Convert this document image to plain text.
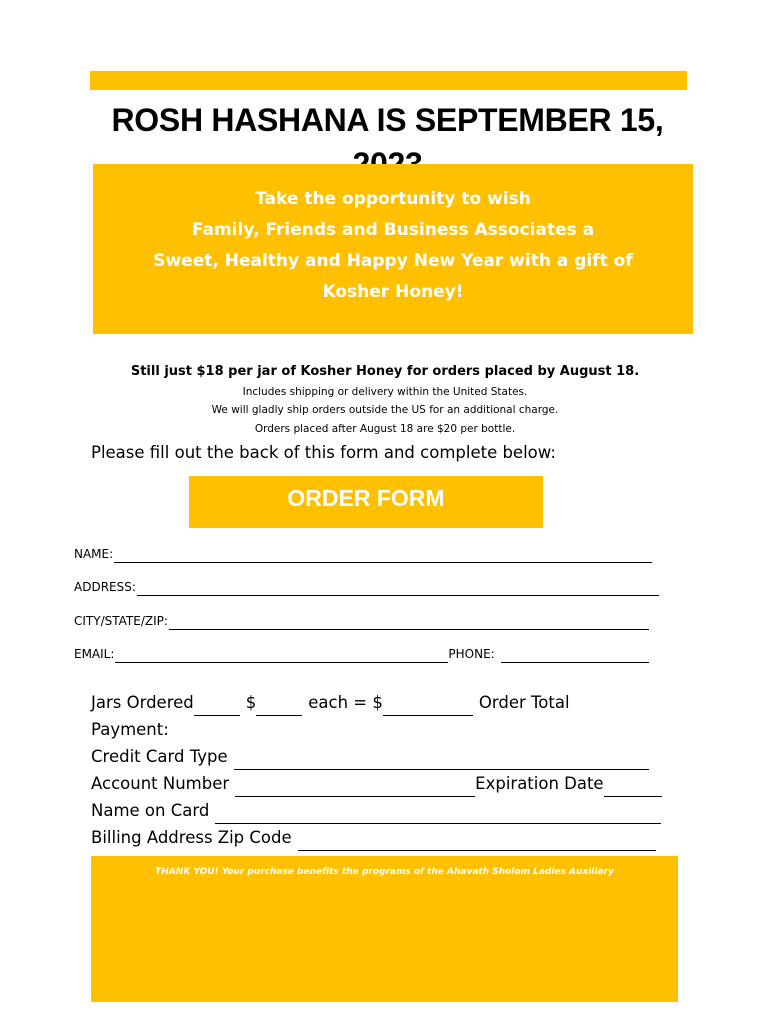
ROSH HASHANA IS SEPTEMBER 15,
Take the opportunity to wish
Family, Friends and Business Associates a
Sweet, Healthy and Happy New Year with a gift of
Kosher Honey!
Still just $18 per jar of Kosher Honey for orders placed by August 18.
Includes shipping or delivery within the United States.
We will gladly ship orders outside the US for an additional charge.
Orders placed after August 18 are $20 per bottle.
Please fill out the back of this form and complete below:
ORDER FORM
NAME:
ADDRESS:
CITY/STATE/ZIP:
EMAIL:	PHONE:
Jars Ordered	$	each = $	Order Total
Payment:
Credit Card Type
Account Number	Expiration Date
Name on Card
Billing Address Zip Code
THANK YOU! Your purchase benefits the programs of the Ahavath Sholom Ladies Auxiliary
